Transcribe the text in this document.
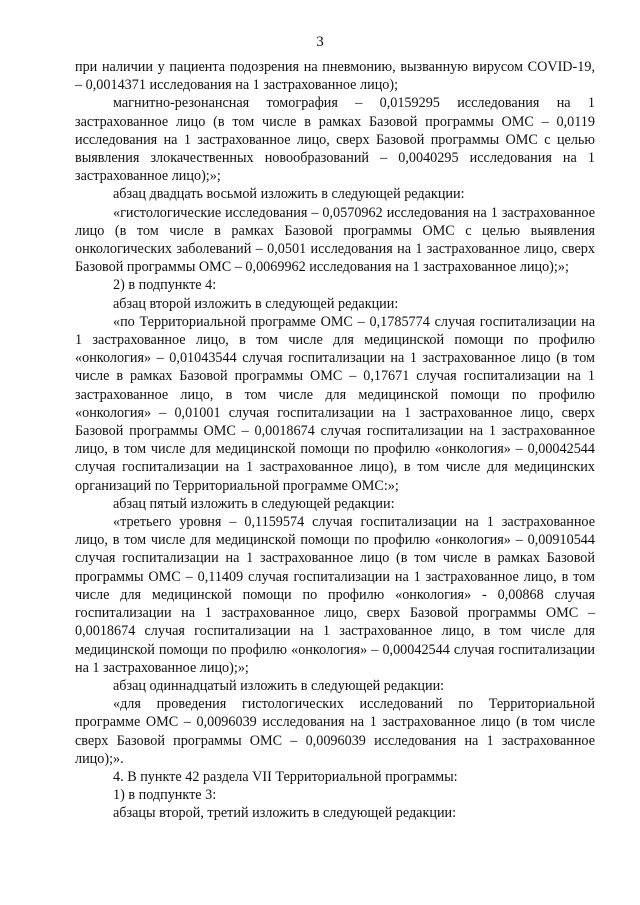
3

при наличии у пациента подозрения на пневмонию, вызванную вирусом COVID-19, – 0,0014371 исследования на 1 застрахованное лицо);

магнитно-резонансная томография – 0,0159295 исследования на 1 застрахованное лицо (в том числе в рамках Базовой программы ОМС – 0,0119 исследования на 1 застрахованное лицо, сверх Базовой программы ОМС с целью выявления злокачественных новообразований – 0,0040295 исследования на 1 застрахованное лицо);»;

абзац двадцать восьмой изложить в следующей редакции:

«гистологические исследования – 0,0570962 исследования на 1 застрахованное лицо (в том числе в рамках Базовой программы ОМС с целью выявления онкологических заболеваний – 0,0501 исследования на 1 застрахованное лицо, сверх Базовой программы ОМС – 0,0069962 исследования на 1 застрахованное лицо);»;

2) в подпункте 4:

абзац второй изложить в следующей редакции:

«по Территориальной программе ОМС – 0,1785774 случая госпитализации на 1 застрахованное лицо, в том числе для медицинской помощи по профилю «онкология» – 0,01043544 случая госпитализации на 1 застрахованное лицо (в том числе в рамках Базовой программы ОМС – 0,17671 случая госпитализации на 1 застрахованное лицо, в том числе для медицинской помощи по профилю «онкология» – 0,01001 случая госпитализации на 1 застрахованное лицо, сверх Базовой программы ОМС – 0,0018674 случая госпитализации на 1 застрахованное лицо, в том числе для медицинской помощи по профилю «онкология» – 0,00042544 случая госпитализации на 1 застрахованное лицо), в том числе для медицинских организаций по Территориальной программе ОМС:»;

абзац пятый изложить в следующей редакции:

«третьего уровня – 0,1159574 случая госпитализации на 1 застрахованное лицо, в том числе для медицинской помощи по профилю «онкология» – 0,00910544 случая госпитализации на 1 застрахованное лицо (в том числе в рамках Базовой программы ОМС – 0,11409 случая госпитализации на 1 застрахованное лицо, в том числе для медицинской помощи по профилю «онкология» - 0,00868 случая госпитализации на 1 застрахованное лицо, сверх Базовой программы ОМС – 0,0018674 случая госпитализации на 1 застрахованное лицо, в том числе для медицинской помощи по профилю «онкология» – 0,00042544 случая госпитализации на 1 застрахованное лицо);»;

абзац одиннадцатый изложить в следующей редакции:

«для проведения гистологических исследований по Территориальной программе ОМС – 0,0096039 исследования на 1 застрахованное лицо (в том числе сверх Базовой программы ОМС – 0,0096039 исследования на 1 застрахованное лицо);».

4. В пункте 42 раздела VII Территориальной программы:

1) в подпункте 3:

абзацы второй, третий изложить в следующей редакции:
